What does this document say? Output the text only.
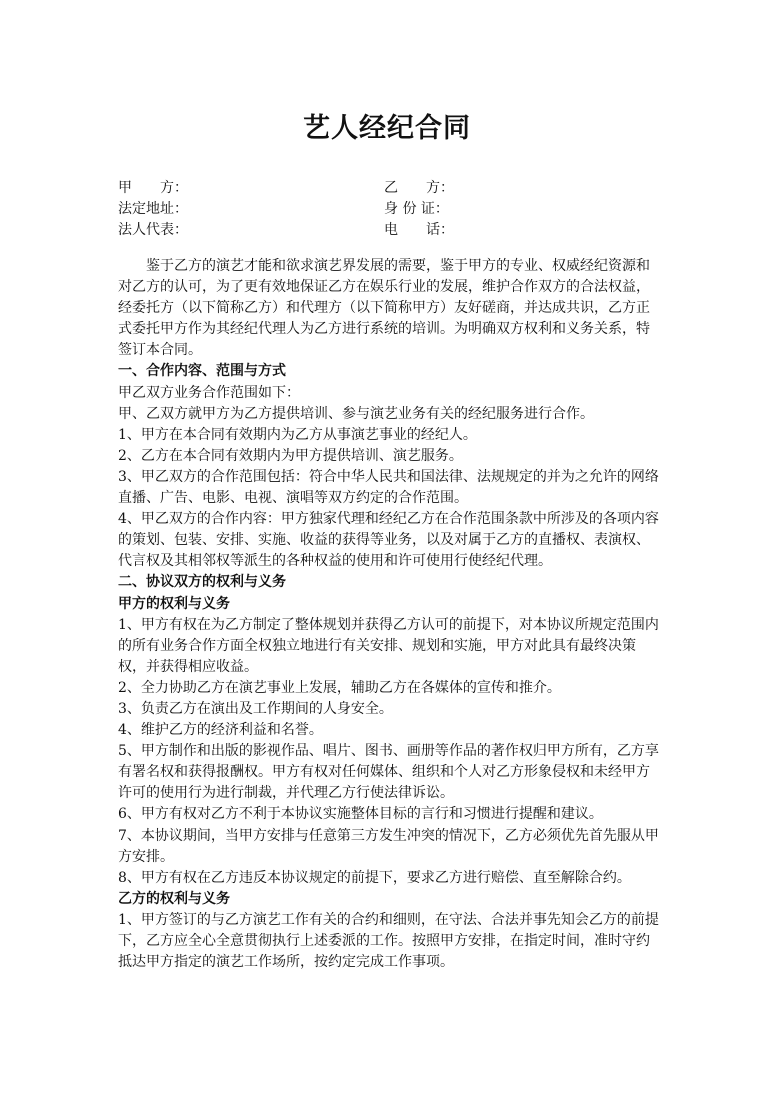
艺人经纪合同
甲　　方：	乙　　方：
法定地址：	身 份 证：
法人代表：	电　　话：

鉴于乙方的演艺才能和欲求演艺界发展的需要，鉴于甲方的专业、权威经纪资源和对乙方的认可，为了更有效地保证乙方在娱乐行业的发展，维护合作双方的合法权益，经委托方（以下简称乙方）和代理方（以下简称甲方）友好磋商，并达成共识，乙方正式委托甲方作为其经纪代理人为乙方进行系统的培训。为明确双方权利和义务关系，特签订本合同。

一、合作内容、范围与方式

甲乙双方业务合作范围如下：

甲、乙双方就甲方为乙方提供培训、参与演艺业务有关的经纪服务进行合作。

1、甲方在本合同有效期内为乙方从事演艺事业的经纪人。

2、乙方在本合同有效期内为甲方提供培训、演艺服务。

3、甲乙双方的合作范围包括：符合中华人民共和国法律、法规规定的并为之允许的网络直播、广告、电影、电视、演唱等双方约定的合作范围。

4、甲乙双方的合作内容：甲方独家代理和经纪乙方在合作范围条款中所涉及的各项内容的策划、包装、安排、实施、收益的获得等业务，以及对属于乙方的直播权、表演权、代言权及其相邻权等派生的各种权益的使用和许可使用行使经纪代理。

二、协议双方的权利与义务

甲方的权利与义务

1、甲方有权在为乙方制定了整体规划并获得乙方认可的前提下，对本协议所规定范围内的所有业务合作方面全权独立地进行有关安排、规划和实施，甲方对此具有最终决策权，并获得相应收益。

2、全力协助乙方在演艺事业上发展，辅助乙方在各媒体的宣传和推介。

3、负责乙方在演出及工作期间的人身安全。

4、维护乙方的经济利益和名誉。

5、甲方制作和出版的影视作品、唱片、图书、画册等作品的著作权归甲方所有，乙方享有署名权和获得报酬权。甲方有权对任何媒体、组织和个人对乙方形象侵权和未经甲方许可的使用行为进行制裁，并代理乙方行使法律诉讼。

6、甲方有权对乙方不利于本协议实施整体目标的言行和习惯进行提醒和建议。

7、本协议期间，当甲方安排与任意第三方发生冲突的情况下，乙方必须优先首先服从甲方安排。

8、甲方有权在乙方违反本协议规定的前提下，要求乙方进行赔偿、直至解除合约。

乙方的权利与义务

1、甲方签订的与乙方演艺工作有关的合约和细则，在守法、合法并事先知会乙方的前提下，乙方应全心全意贯彻执行上述委派的工作。按照甲方安排，在指定时间，准时守约抵达甲方指定的演艺工作场所，按约定完成工作事项。
